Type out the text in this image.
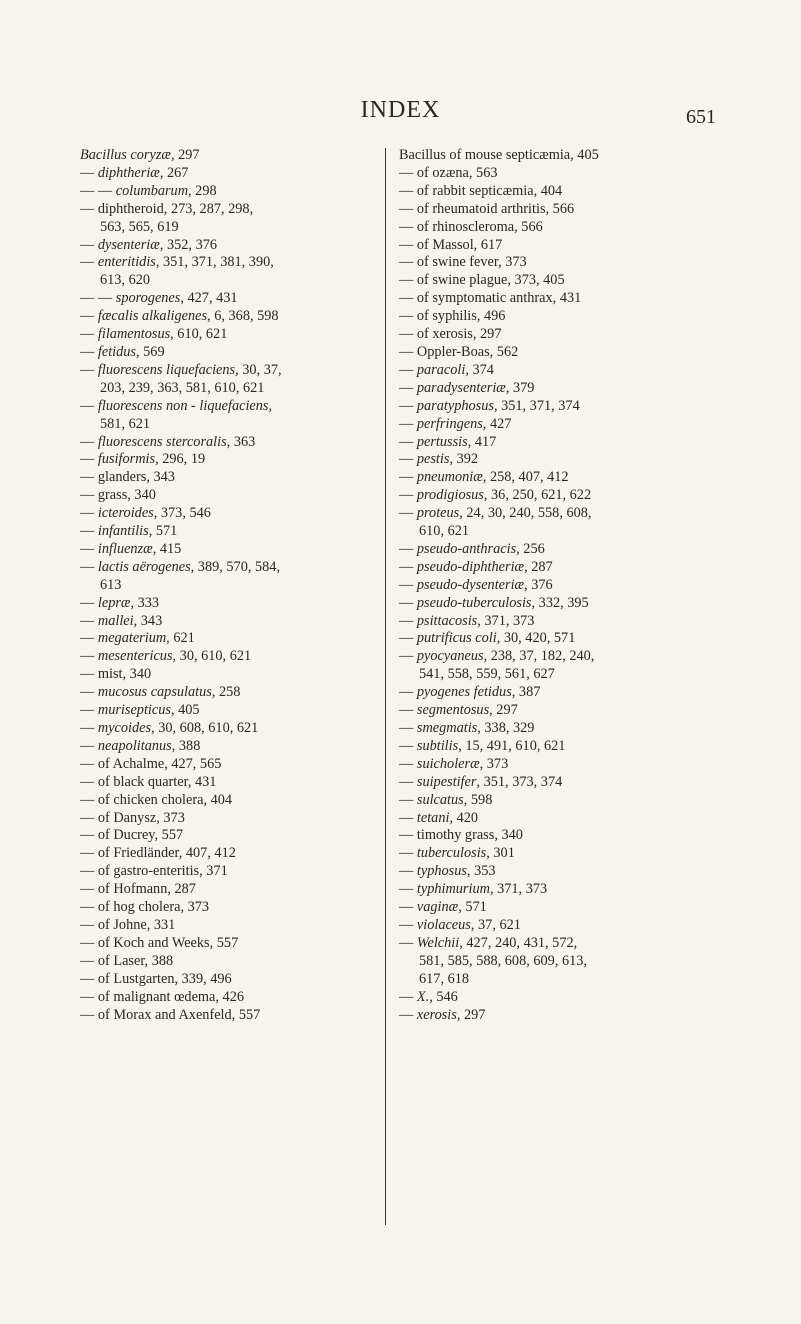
INDEX	651
Bacillus coryzæ, 297
— diphtheriæ, 267
— — columbarum, 298
— diphtheroid, 273, 287, 298,
563, 565, 619
— dysenteriæ, 352, 376
— enteritidis, 351, 371, 381, 390,
613, 620
— — sporogenes, 427, 431
— fæcalis alkaligenes, 6, 368, 598
— filamentosus, 610, 621
— fetidus, 569
— fluorescens liquefaciens, 30, 37,
203, 239, 363, 581, 610, 621
— fluorescens non - liquefaciens,
581, 621
— fluorescens stercoralis, 363
— fusiformis, 296, 19
— glanders, 343
— grass, 340
— icteroides, 373, 546
— infantilis, 571
— influenzæ, 415
— lactis aërogenes, 389, 570, 584,
613
— lepræ, 333
— mallei, 343
— megaterium, 621
— mesentericus, 30, 610, 621
— mist, 340
— mucosus capsulatus, 258
— murisepticus, 405
— mycoides, 30, 608, 610, 621
— neapolitanus, 388
— of Achalme, 427, 565
— of black quarter, 431
— of chicken cholera, 404
— of Danysz, 373
— of Ducrey, 557
— of Friedländer, 407, 412
— of gastro-enteritis, 371
— of Hofmann, 287
— of hog cholera, 373
— of Johne, 331
— of Koch and Weeks, 557
— of Laser, 388
— of Lustgarten, 339, 496
— of malignant œdema, 426
— of Morax and Axenfeld, 557
Bacillus of mouse septicæmia, 405
— of ozæna, 563
— of rabbit septicæmia, 404
— of rheumatoid arthritis, 566
— of rhinoscleroma, 566
— of Massol, 617
— of swine fever, 373
— of swine plague, 373, 405
— of symptomatic anthrax, 431
— of syphilis, 496
— of xerosis, 297
— Oppler-Boas, 562
— paracoli, 374
— paradysenteriæ, 379
— paratyphosus, 351, 371, 374
— perfringens, 427
— pertussis, 417
— pestis, 392
— pneumoniæ, 258, 407, 412
— prodigiosus, 36, 250, 621, 622
— proteus, 24, 30, 240, 558, 608,
610, 621
— pseudo-anthracis, 256
— pseudo-diphtheriæ, 287
— pseudo-dysenteriæ, 376
— pseudo-tuberculosis, 332, 395
— psittacosis, 371, 373
— putrificus coli, 30, 420, 571
— pyocyaneus, 238, 37, 182, 240,
541, 558, 559, 561, 627
— pyogenes fetidus, 387
— segmentosus, 297
— smegmatis, 338, 329
— subtilis, 15, 491, 610, 621
— suicholeræ, 373
— suipestifer, 351, 373, 374
— sulcatus, 598
— tetani, 420
— timothy grass, 340
— tuberculosis, 301
— typhosus, 353
— typhimurium, 371, 373
— vaginæ, 571
— violaceus, 37, 621
— Welchii, 427, 240, 431, 572,
581, 585, 588, 608, 609, 613,
617, 618
— X., 546
— xerosis, 297
